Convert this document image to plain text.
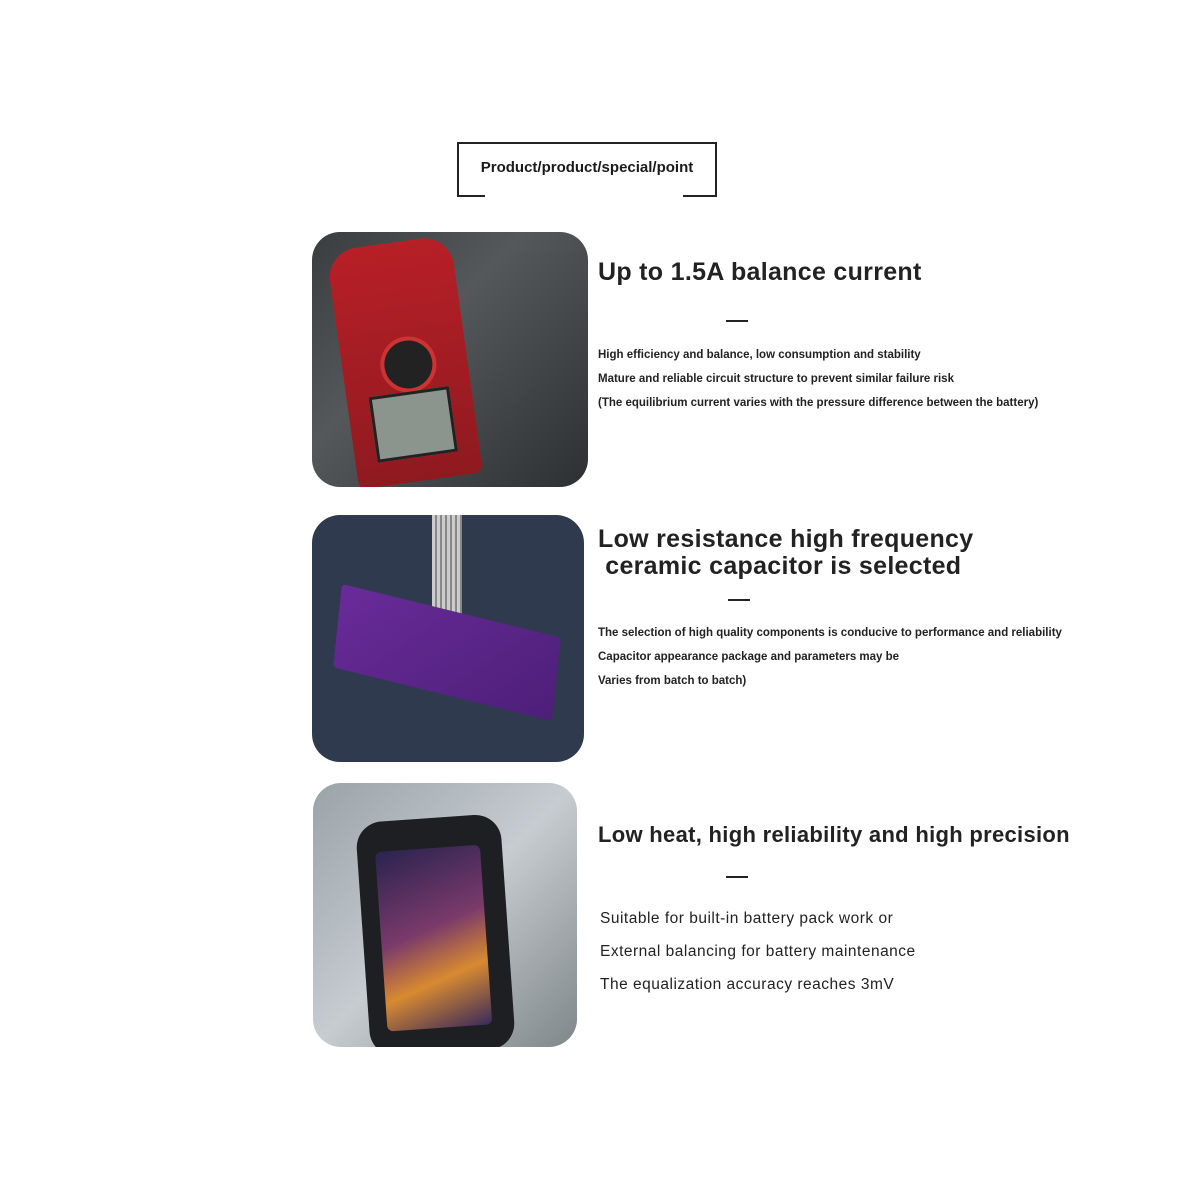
Product/product/special/point
Up to 1.5A balance current
High efficiency and balance, low consumption and stability
Mature and reliable circuit structure to prevent similar failure risk
(The equilibrium current varies with the pressure difference between the battery)
Low resistance high frequency
ceramic capacitor is selected
The selection of high quality components is conducive to performance and reliability
Capacitor appearance package and parameters may be
Varies from batch to batch)
Low heat, high reliability and high precision
Suitable for built-in battery pack work or
External balancing for battery maintenance
The equalization accuracy reaches 3mV
